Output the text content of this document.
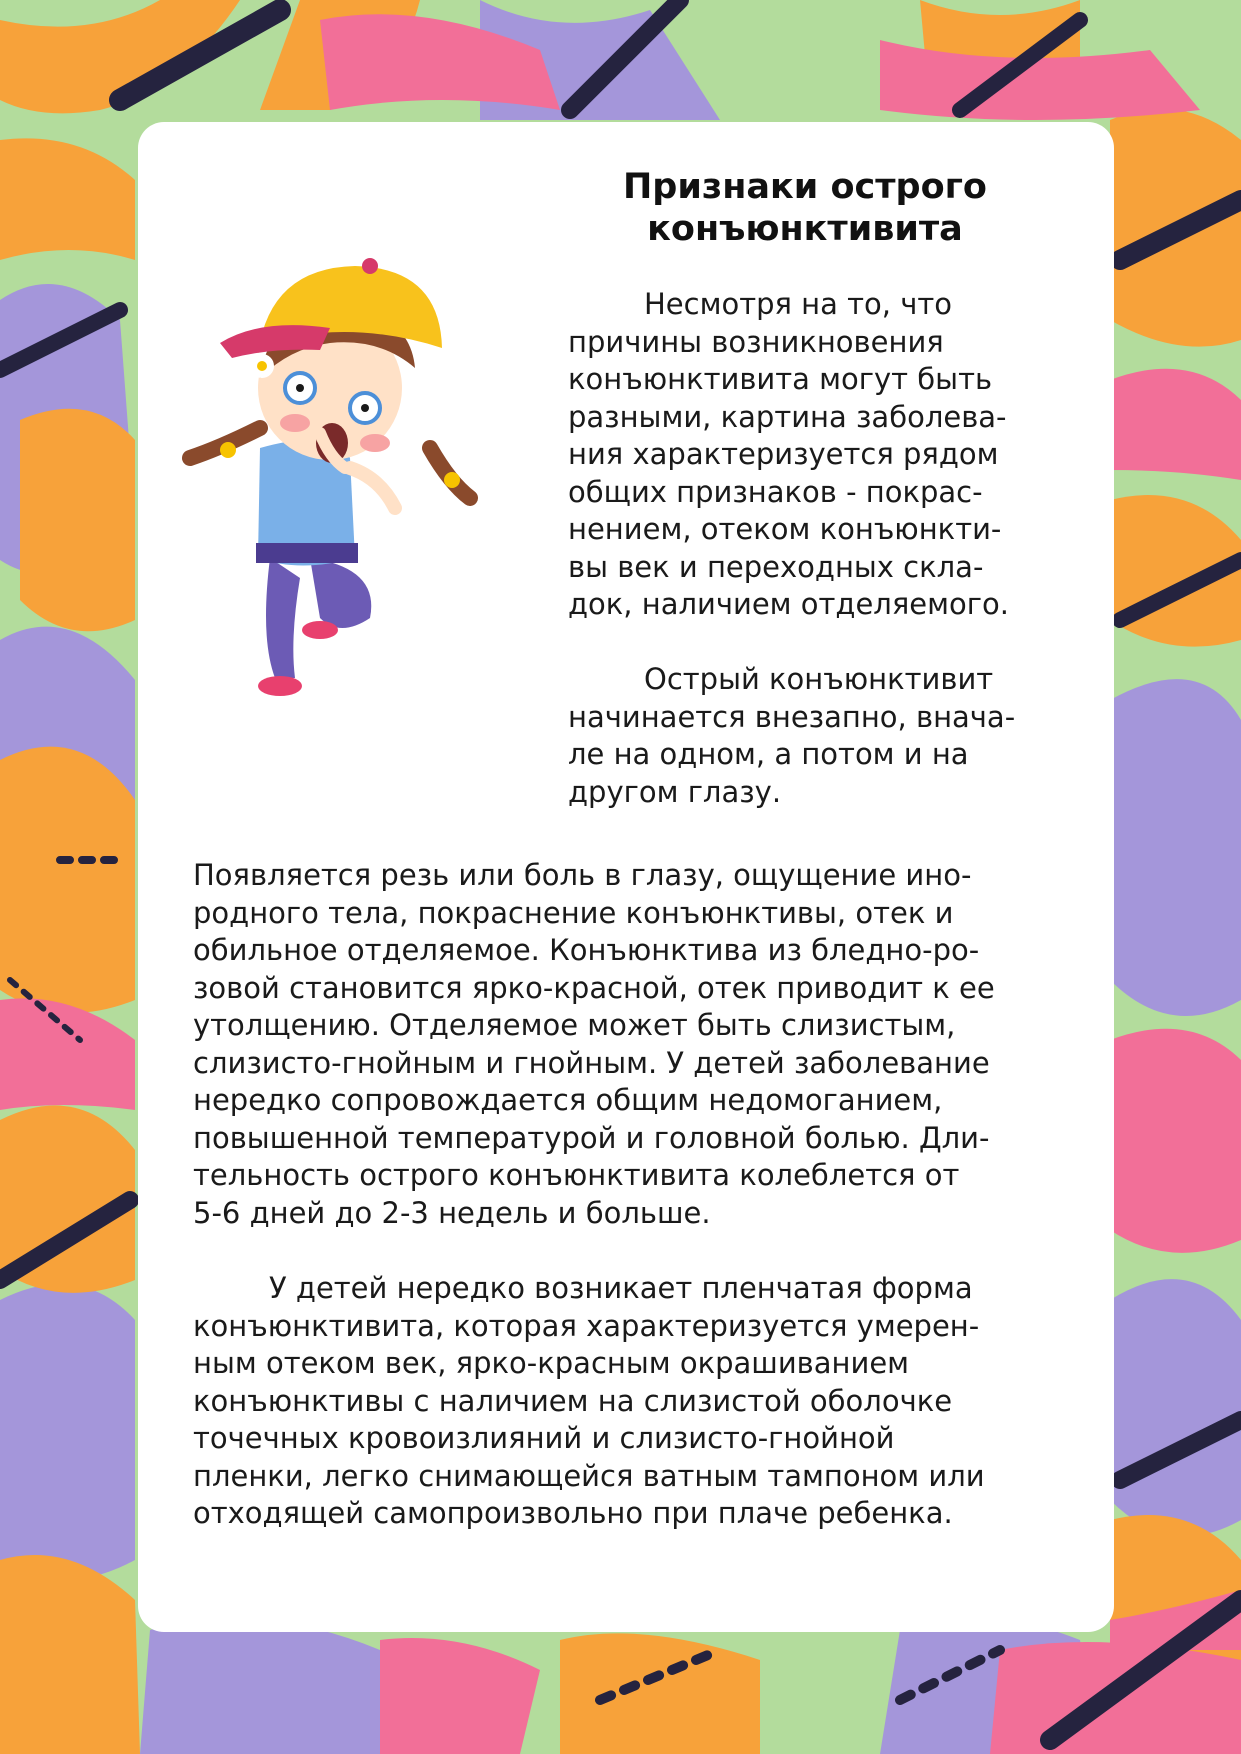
Признаки острого
конъюнктивита
Несмотря на то, что
причины возникновения
конъюнктивита могут быть
разными, картина заболева-
ния характеризуется рядом
общих признаков - покрас-
нением, отеком конъюнкти-
вы век и переходных скла-
док, наличием отделяемого.
Острый конъюнктивит
начинается внезапно, внача-
ле на одном, а потом и на
другом глазу.
Появляется резь или боль в глазу, ощущение ино-
родного тела, покраснение конъюнктивы, отек и
обильное отделяемое. Конъюнктива из бледно-ро-
зовой становится ярко-красной, отек приводит к ее
утолщению. Отделяемое может быть слизистым,
слизисто-гнойным и гнойным. У детей заболевание
нередко сопровождается общим недомоганием,
повышенной температурой и головной болью. Дли-
тельность острого конъюнктивита колеблется от
5-6 дней до 2-3 недель и больше.
У детей нередко возникает пленчатая форма
конъюнктивита, которая характеризуется умерен-
ным отеком век, ярко-красным окрашиванием
конъюнктивы с наличием на слизистой оболочке
точечных кровоизлияний и слизисто-гнойной
пленки, легко снимающейся ватным тампоном или
отходящей самопроизвольно при плаче ребенка.
